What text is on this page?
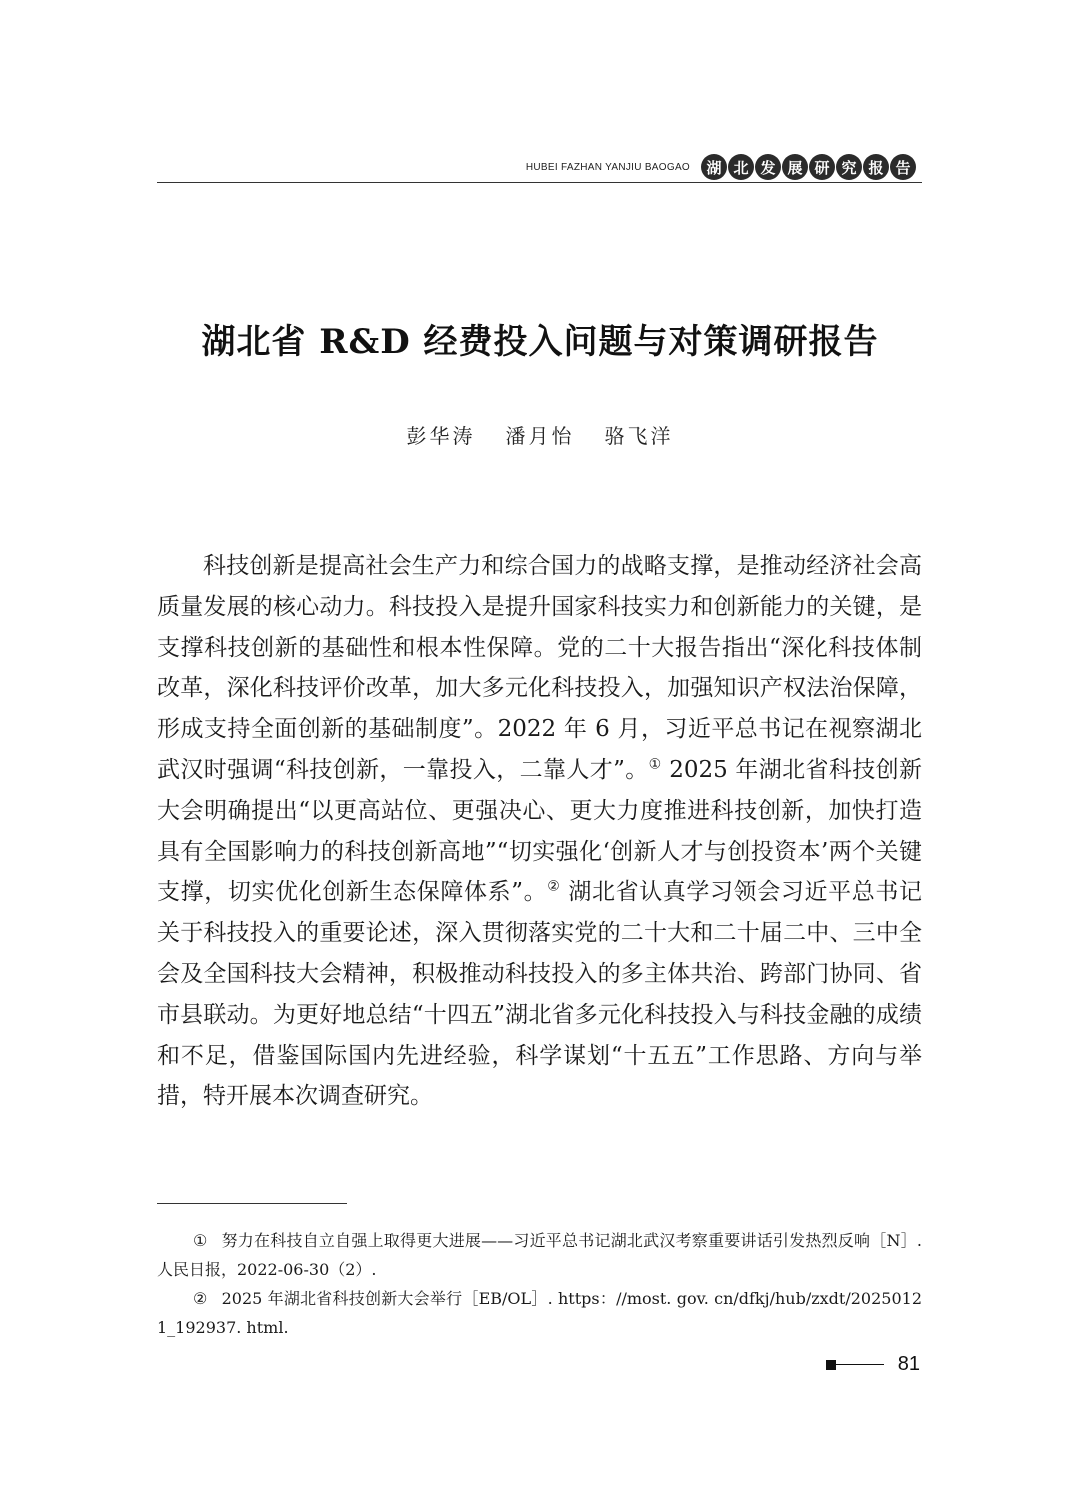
HUBEI FAZHAN YANJIU BAOGAO	湖 北 发 展 研 究 报 告
湖北省 R&D 经费投入问题与对策调研报告
彭华涛 潘月怡 骆飞洋

科技创新是提高社会生产力和综合国力的战略支撑，是推动经济社会高质量发展的核心动力。科技投入是提升国家科技实力和创新能力的关键，是支撑科技创新的基础性和根本性保障。党的二十大报告指出“深化科技体制改革，深化科技评价改革，加大多元化科技投入，加强知识产权法治保障，形成支持全面创新的基础制度”。2022 年 6 月，习近平总书记在视察湖北武汉时强调“科技创新，一靠投入，二靠人才”。① 2025 年湖北省科技创新大会明确提出“以更高站位、更强决心、更大力度推进科技创新，加快打造具有全国影响力的科技创新高地”“切实强化‘创新人才与创投资本’两个关键支撑，切实优化创新生态保障体系”。② 湖北省认真学习领会习近平总书记关于科技投入的重要论述，深入贯彻落实党的二十大和二十届二中、三中全会及全国科技大会精神，积极推动科技投入的多主体共治、跨部门协同、省市县联动。为更好地总结“十四五”湖北省多元化科技投入与科技金融的成绩和不足，借鉴国际国内先进经验，科学谋划“十五五”工作思路、方向与举措，特开展本次调查研究。

① 努力在科技自立自强上取得更大进展——习近平总书记湖北武汉考察重要讲话引发热烈反响［N］. 人民日报，2022-06-30（2）.
② 2025 年湖北省科技创新大会举行［EB/OL］. https：//most. gov. cn/dfkj/hub/zxdt/20250121_192937. html.
81
